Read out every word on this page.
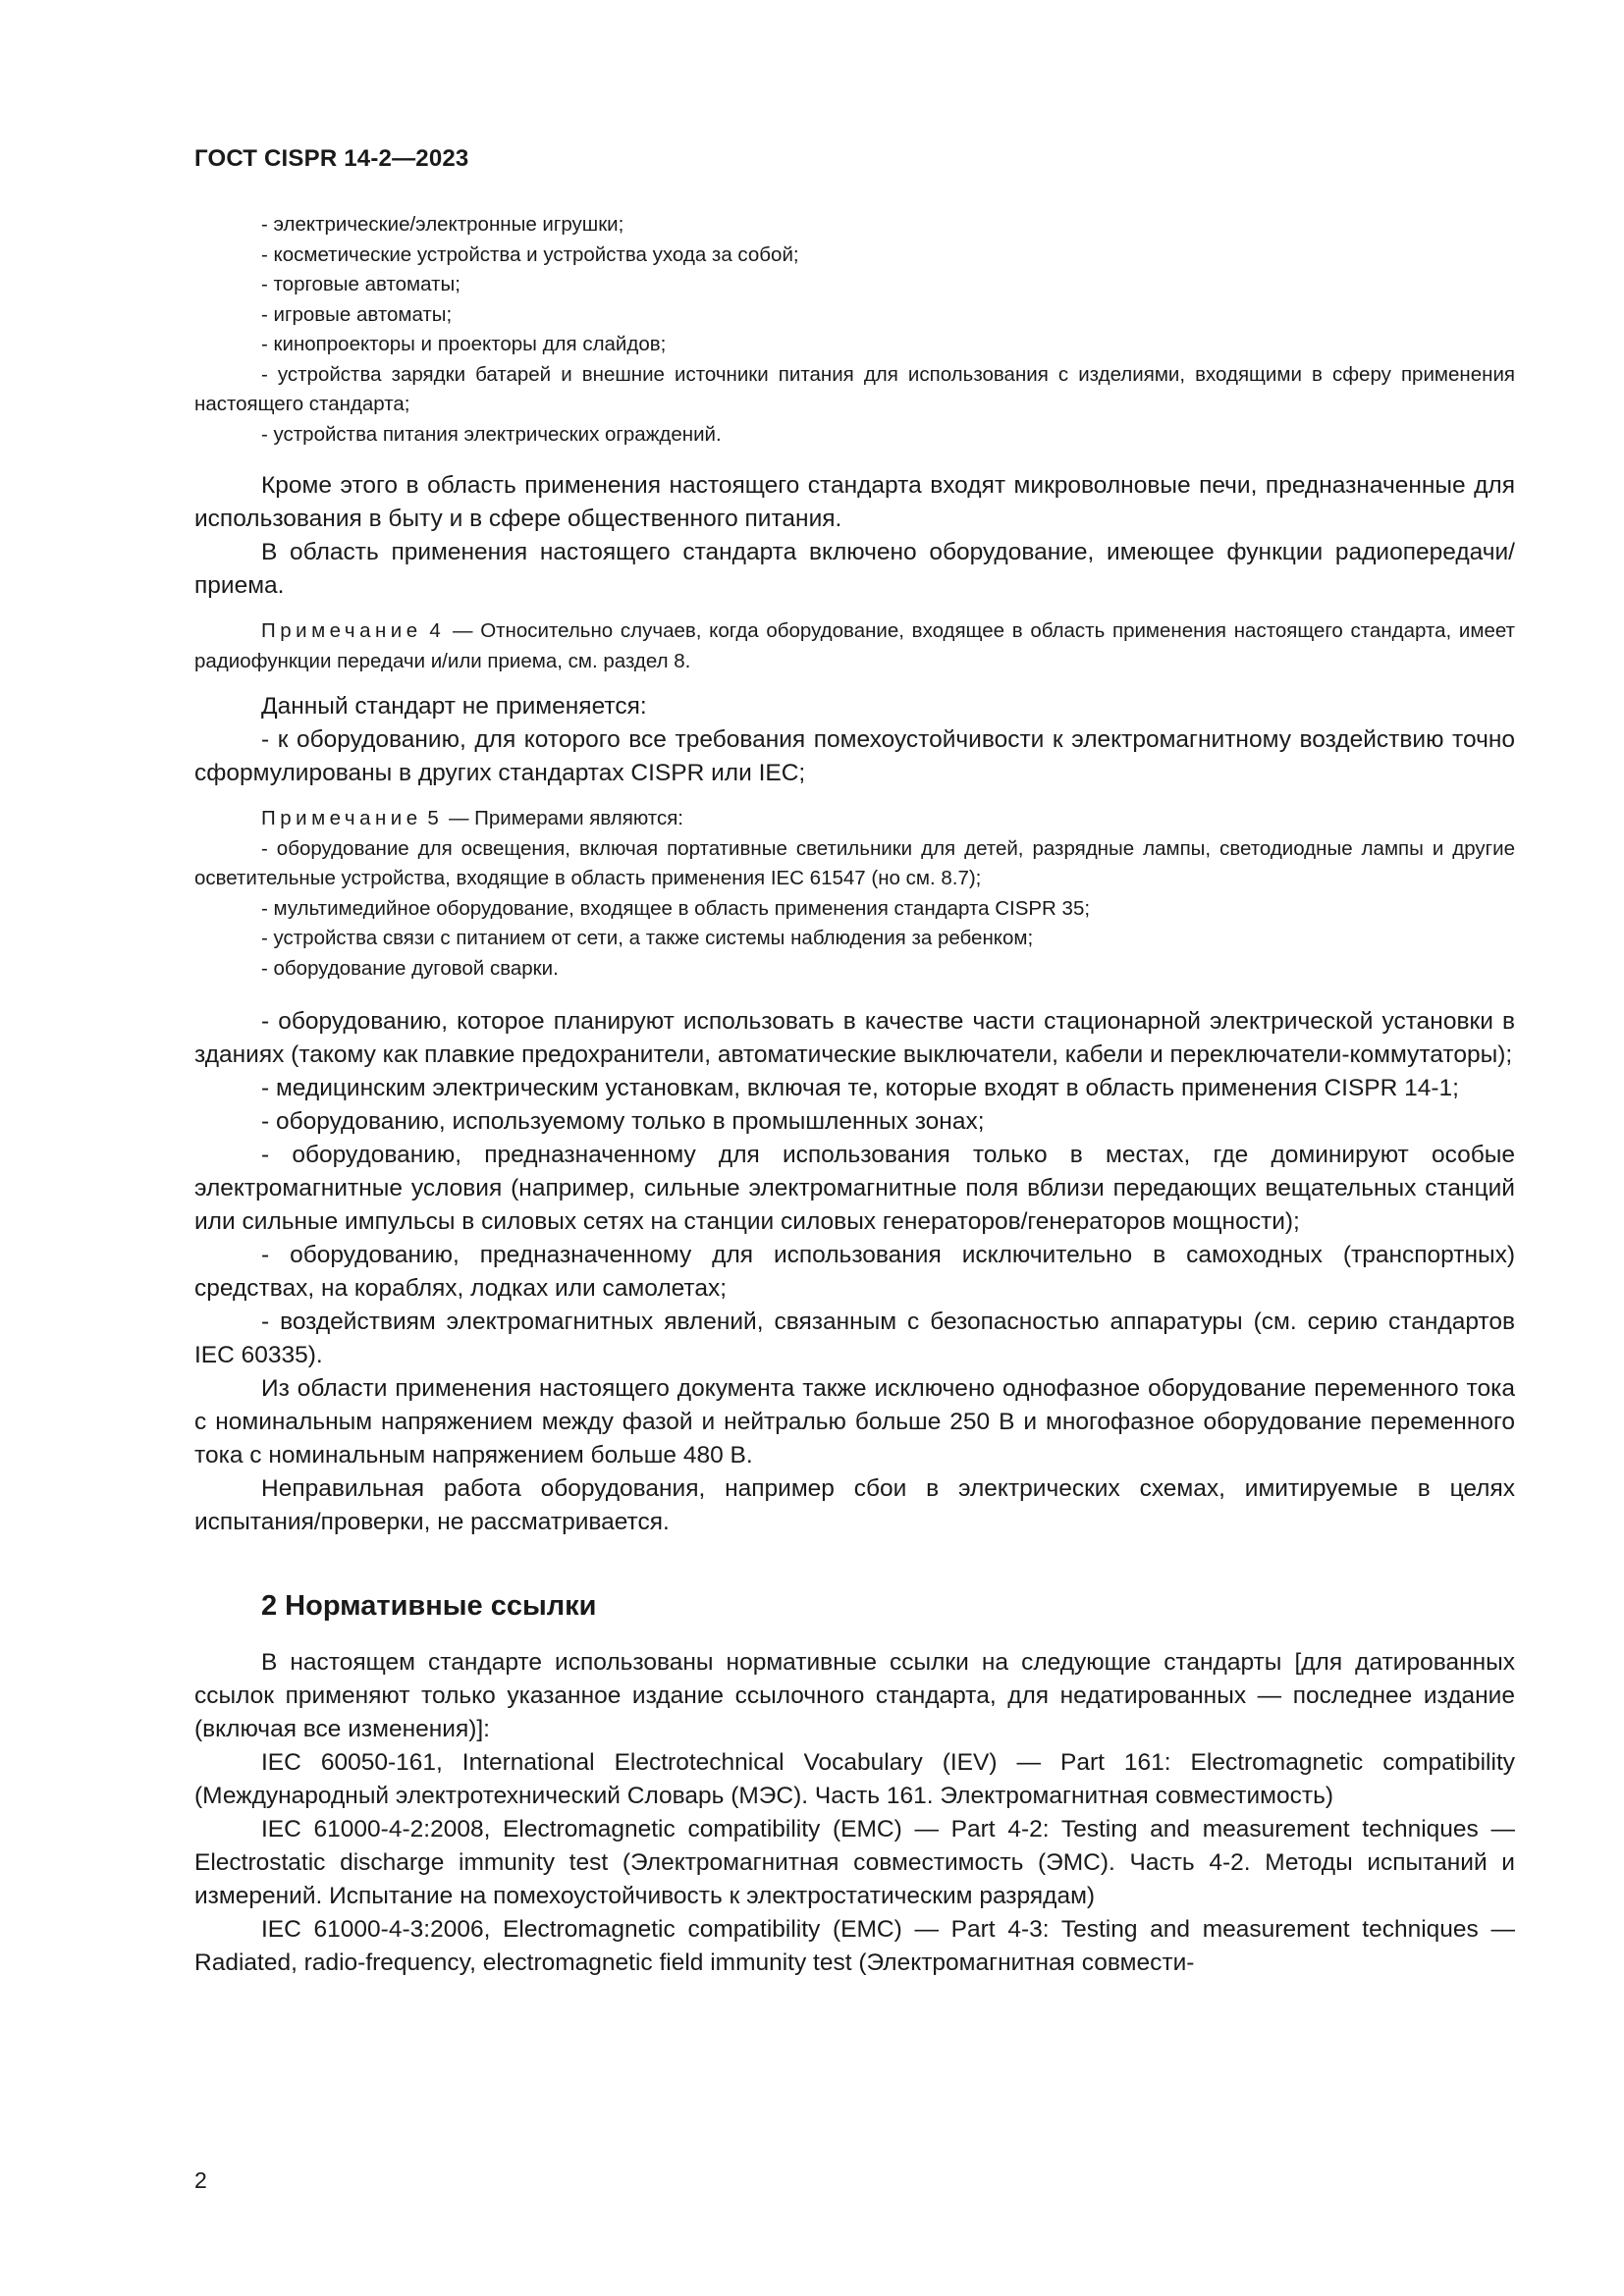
ГОСТ CISPR 14-2—2023

- электрические/электронные игрушки;

- косметические устройства и устройства ухода за собой;

- торговые автоматы;

- игровые автоматы;

- кинопроекторы и проекторы для слайдов;

- устройства зарядки батарей и внешние источники питания для использования с изделиями, входящими в сферу применения настоящего стандарта;

- устройства питания электрических ограждений.

Кроме этого в область применения настоящего стандарта входят микроволновые печи, предназначенные для использования в быту и в сфере общественного питания.

В область применения настоящего стандарта включено оборудование, имеющее функции радиопередачи/приема.

Примечание 4 — Относительно случаев, когда оборудование, входящее в область применения настоящего стандарта, имеет радиофункции передачи и/или приема, см. раздел 8.

Данный стандарт не применяется:

- к оборудованию, для которого все требования помехоустойчивости к электромагнитному воздействию точно сформулированы в других стандартах CISPR или IEC;

Примечание 5 — Примерами являются:

- оборудование для освещения, включая портативные светильники для детей, разрядные лампы, светодиодные лампы и другие осветительные устройства, входящие в область применения IEC 61547 (но см. 8.7);

- мультимедийное оборудование, входящее в область применения стандарта CISPR 35;

- устройства связи с питанием от сети, а также системы наблюдения за ребенком;

- оборудование дуговой сварки.

- оборудованию, которое планируют использовать в качестве части стационарной электрической установки в зданиях (такому как плавкие предохранители, автоматические выключатели, кабели и переключатели-коммутаторы);

- медицинским электрическим установкам, включая те, которые входят в область применения CISPR 14-1;

- оборудованию, используемому только в промышленных зонах;

- оборудованию, предназначенному для использования только в местах, где доминируют особые электромагнитные условия (например, сильные электромагнитные поля вблизи передающих вещательных станций или сильные импульсы в силовых сетях на станции силовых генераторов/генераторов мощности);

- оборудованию, предназначенному для использования исключительно в самоходных (транспортных) средствах, на кораблях, лодках или самолетах;

- воздействиям электромагнитных явлений, связанным с безопасностью аппаратуры (см. серию стандартов IEC 60335).

Из области применения настоящего документа также исключено однофазное оборудование переменного тока с номинальным напряжением между фазой и нейтралью больше 250 В и многофазное оборудование переменного тока с номинальным напряжением больше 480 В.

Неправильная работа оборудования, например сбои в электрических схемах, имитируемые в целях испытания/проверки, не рассматривается.

2 Нормативные ссылки

В настоящем стандарте использованы нормативные ссылки на следующие стандарты [для датированных ссылок применяют только указанное издание ссылочного стандарта, для недатированных — последнее издание (включая все изменения)]:

IEC 60050-161, International Electrotechnical Vocabulary (IEV) — Part 161: Electromagnetic compatibility (Международный электротехнический Словарь (МЭС). Часть 161. Электромагнитная совместимость)

IEC 61000-4-2:2008, Electromagnetic compatibility (EMC) — Part 4-2: Testing and measurement techniques — Electrostatic discharge immunity test (Электромагнитная совместимость (ЭМС). Часть 4-2. Методы испытаний и измерений. Испытание на помехоустойчивость к электростатическим разрядам)

IEC 61000-4-3:2006, Electromagnetic compatibility (EMC) — Part 4-3: Testing and measurement techniques — Radiated, radio-frequency, electromagnetic field immunity test (Электромагнитная совмести-

2
